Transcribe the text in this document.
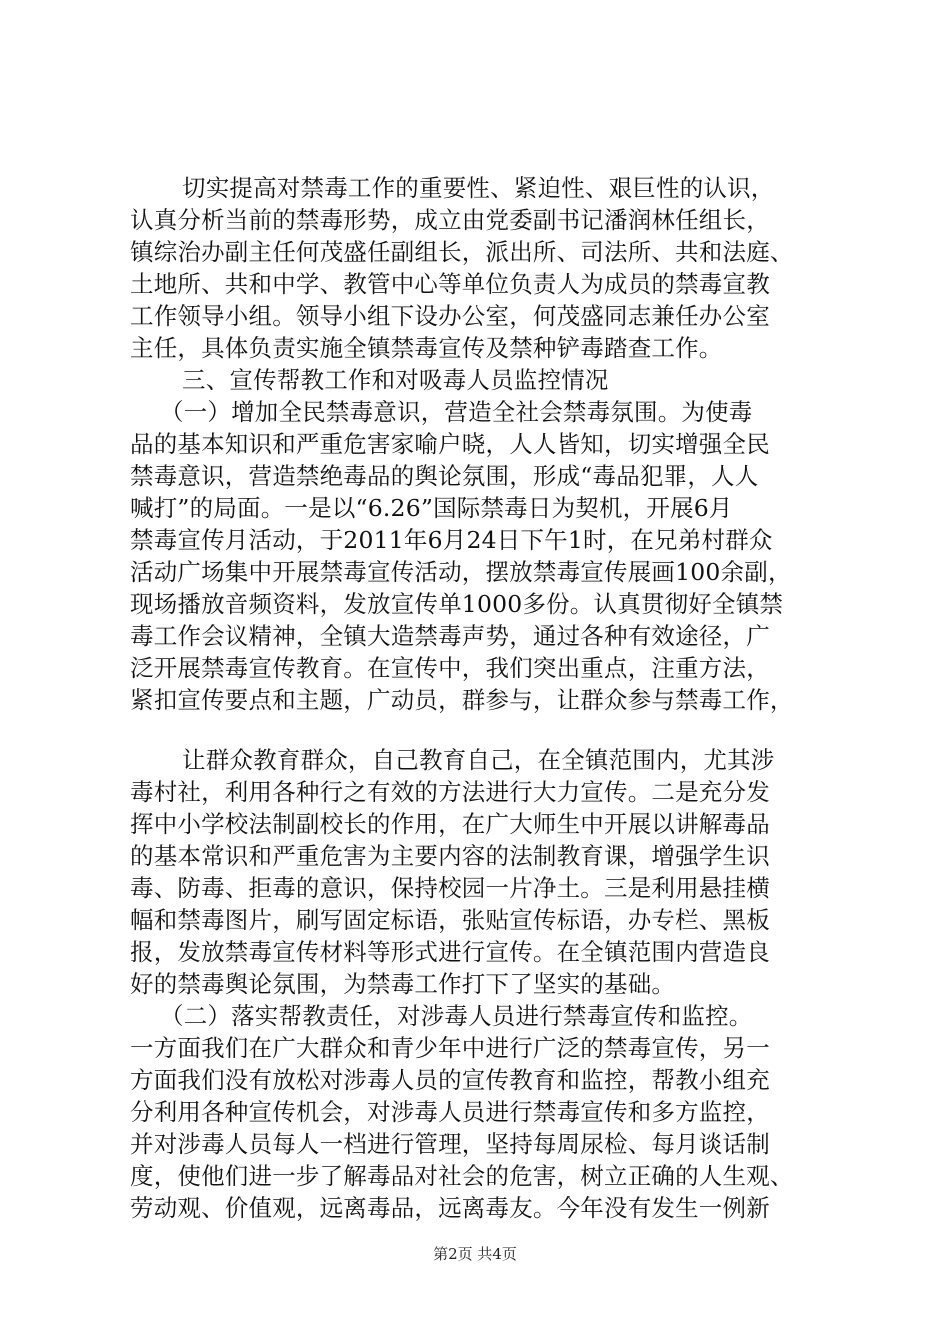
切实提高对禁毒工作的重要性、紧迫性、艰巨性的认识，
认真分析当前的禁毒形势，成立由党委副书记潘润林任组长，
镇综治办副主任何茂盛任副组长，派出所、司法所、共和法庭、
土地所、共和中学、教管中心等单位负责人为成员的禁毒宣教
工作领导小组。领导小组下设办公室，何茂盛同志兼任办公室
主任，具体负责实施全镇禁毒宣传及禁种铲毒踏查工作。
三、宣传帮教工作和对吸毒人员监控情况
（一）增加全民禁毒意识，营造全社会禁毒氛围。为使毒
品的基本知识和严重危害家喻户晓，人人皆知，切实增强全民
禁毒意识，营造禁绝毒品的舆论氛围，形成“毒品犯罪，人人
喊打”的局面。一是以“6.26”国际禁毒日为契机，开展6月
禁毒宣传月活动，于2011年6月24日下午1时，在兄弟村群众
活动广场集中开展禁毒宣传活动，摆放禁毒宣传展画100余副，
现场播放音频资料，发放宣传单1000多份。认真贯彻好全镇禁
毒工作会议精神，全镇大造禁毒声势，通过各种有效途径，广
泛开展禁毒宣传教育。在宣传中，我们突出重点，注重方法，
紧扣宣传要点和主题，广动员，群参与，让群众参与禁毒工作，
让群众教育群众，自己教育自己，在全镇范围内，尤其涉
毒村社，利用各种行之有效的方法进行大力宣传。二是充分发
挥中小学校法制副校长的作用，在广大师生中开展以讲解毒品
的基本常识和严重危害为主要内容的法制教育课，增强学生识
毒、防毒、拒毒的意识，保持校园一片净土。三是利用悬挂横
幅和禁毒图片，刷写固定标语，张贴宣传标语，办专栏、黑板
报，发放禁毒宣传材料等形式进行宣传。在全镇范围内营造良
好的禁毒舆论氛围，为禁毒工作打下了坚实的基础。
（二）落实帮教责任，对涉毒人员进行禁毒宣传和监控。
一方面我们在广大群众和青少年中进行广泛的禁毒宣传，另一
方面我们没有放松对涉毒人员的宣传教育和监控，帮教小组充
分利用各种宣传机会，对涉毒人员进行禁毒宣传和多方监控，
并对涉毒人员每人一档进行管理，坚持每周尿检、每月谈话制
度，使他们进一步了解毒品对社会的危害，树立正确的人生观、
劳动观、价值观，远离毒品，远离毒友。今年没有发生一例新
第2页 共4页
